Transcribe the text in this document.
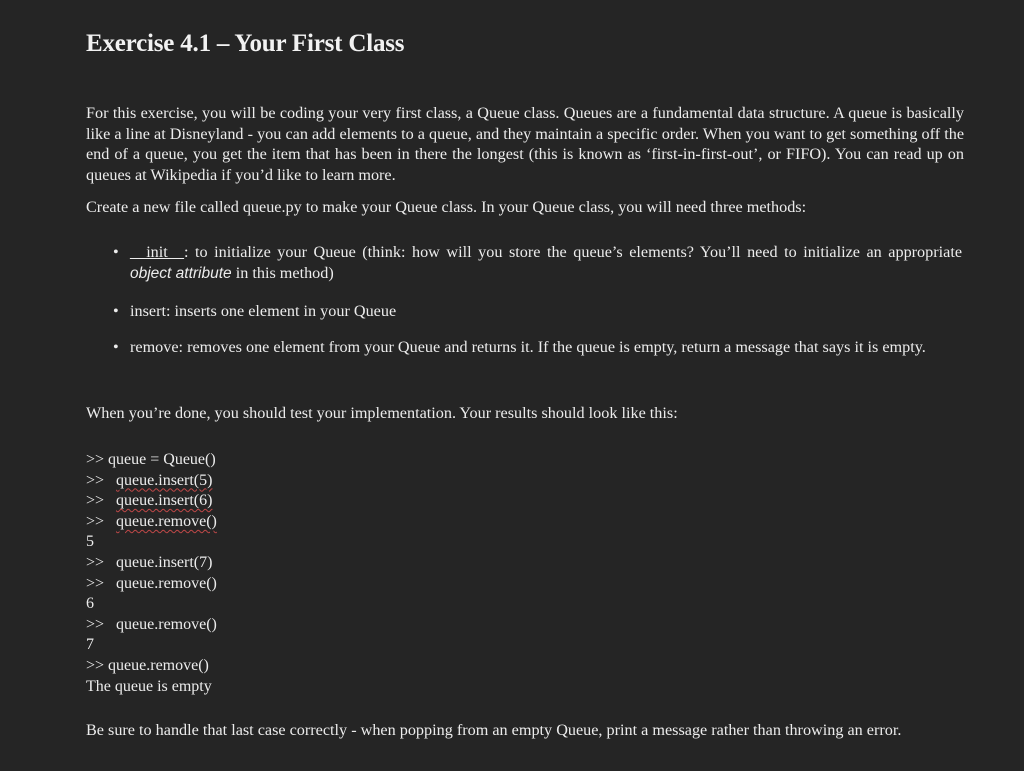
Exercise 4.1 – Your First Class

For this exercise, you will be coding your very first class, a Queue class. Queues are a fundamental data structure. A queue is basically like a line at Disneyland - you can add elements to a queue, and they maintain a specific order. When you want to get something off the end of a queue, you get the item that has been in there the longest (this is known as ‘first-in-first-out’, or FIFO). You can read up on queues at Wikipedia if you’d like to learn more.

Create a new file called queue.py to make your Queue class. In your Queue class, you will need three methods:

• __init__: to initialize your Queue (think: how will you store the queue’s elements? You’ll need to initialize an appropriate object attribute in this method)
• insert: inserts one element in your Queue
• remove: removes one element from your Queue and returns it. If the queue is empty, return a message that says it is empty.

When you’re done, you should test your implementation. Your results should look like this:

>> queue = Queue()
>>   queue.insert(5)
>>   queue.insert(6)
>>   queue.remove()
5
>>   queue.insert(7)
>>   queue.remove()
6
>>   queue.remove()
7
>> queue.remove()
The queue is empty

Be sure to handle that last case correctly - when popping from an empty Queue, print a message rather than throwing an error.
